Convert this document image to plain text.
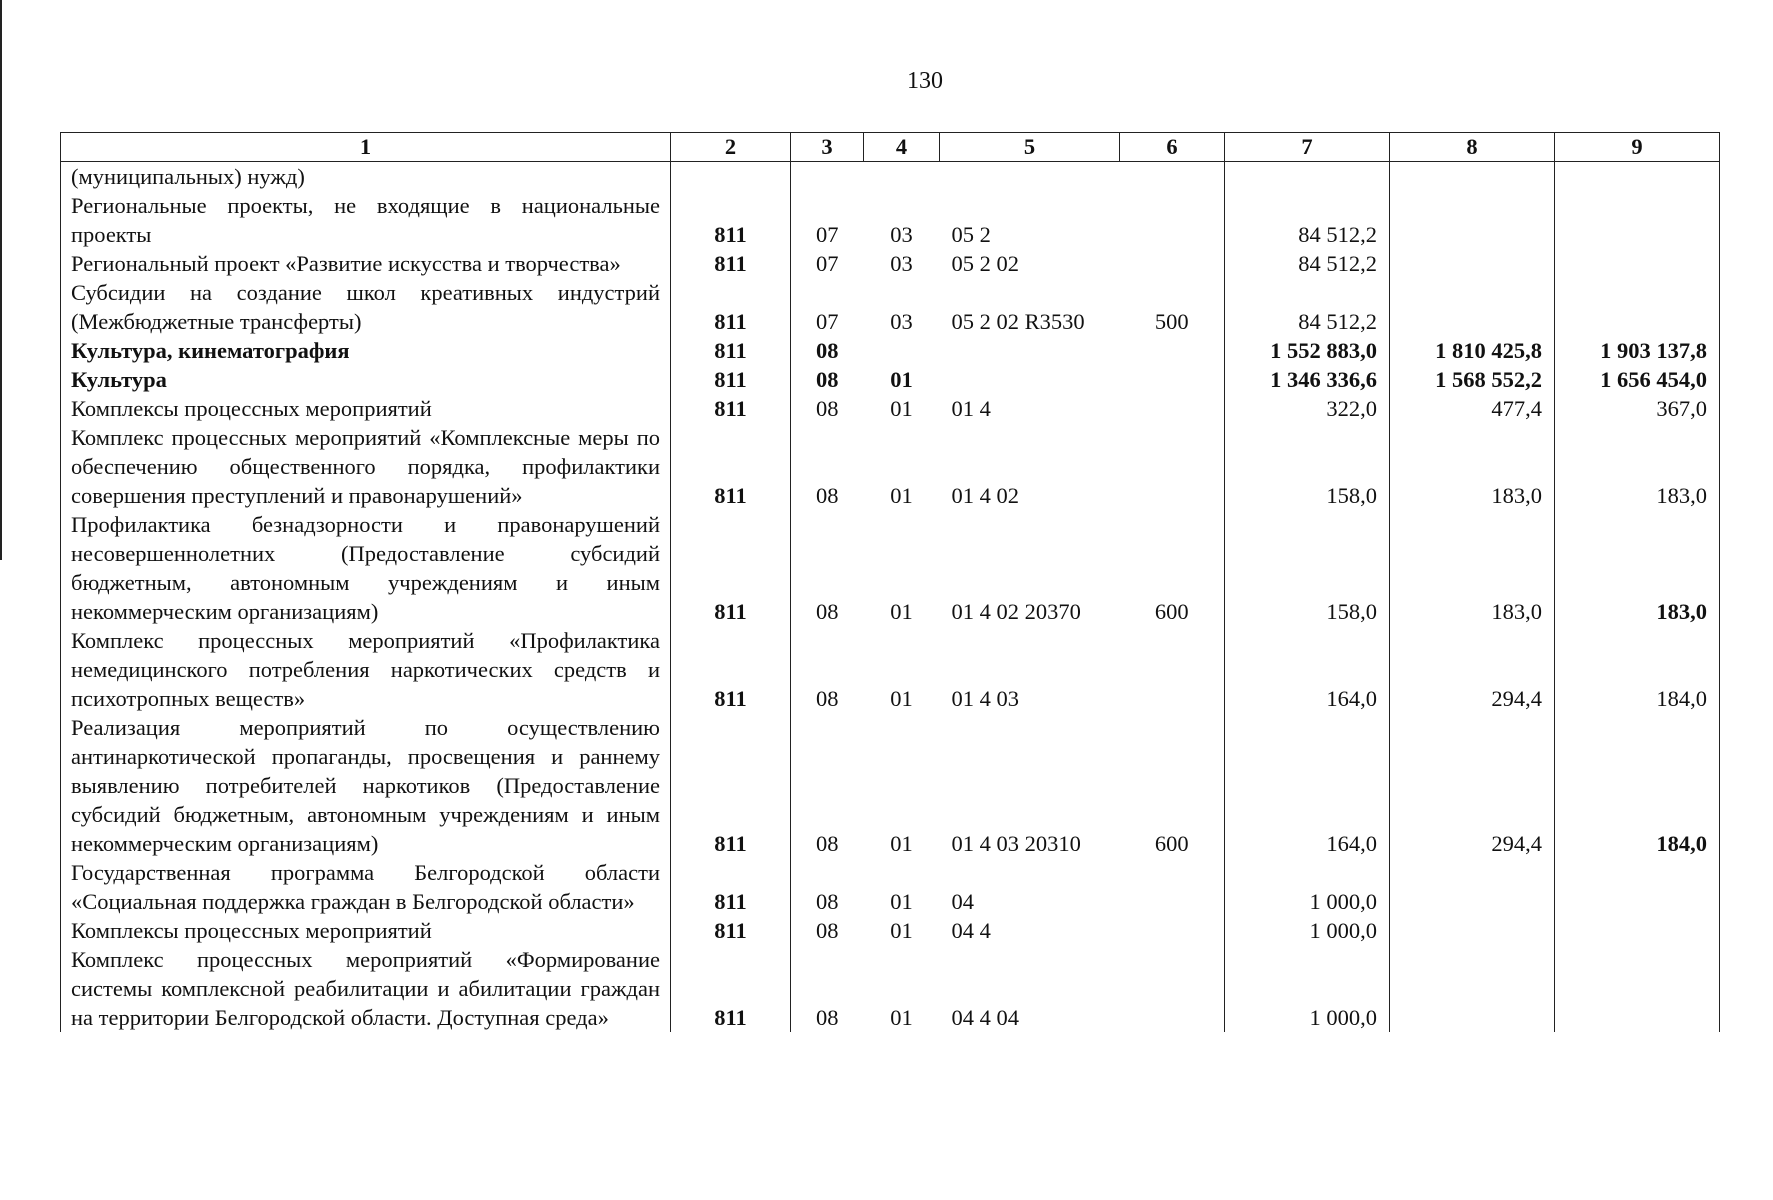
130
1	2	3	4	5	6	7	8	9
(муниципальных) нужд)								
Региональные проекты, не входящие в национальные проекты	811	07	03	05 2		84 512,2		
Региональный проект «Развитие искусства и творчества»	811	07	03	05 2 02		84 512,2		
Субсидии на создание школ креативных индустрий (Межбюджетные трансферты)	811	07	03	05 2 02 R3530	500	84 512,2		
Культура, кинематография	811	08				1 552 883,0	1 810 425,8	1 903 137,8
Культура	811	08	01			1 346 336,6	1 568 552,2	1 656 454,0
Комплексы процессных мероприятий	811	08	01	01 4		322,0	477,4	367,0
Комплекс процессных мероприятий «Комплексные меры по обеспечению общественного порядка, профилактики совершения преступлений и правонарушений»	811	08	01	01 4 02		158,0	183,0	183,0
Профилактика безнадзорности и правонарушений несовершеннолетних (Предоставление субсидий бюджетным, автономным учреждениям и иным некоммерческим организациям)	811	08	01	01 4 02 20370	600	158,0	183,0	183,0
Комплекс процессных мероприятий «Профилактика немедицинского потребления наркотических средств и психотропных веществ»	811	08	01	01 4 03		164,0	294,4	184,0
Реализация мероприятий по осуществлению антинаркотической пропаганды, просвещения и раннему выявлению потребителей наркотиков (Предоставление субсидий бюджетным, автономным учреждениям и иным некоммерческим организациям)	811	08	01	01 4 03 20310	600	164,0	294,4	184,0
Государственная программа Белгородской области «Социальная поддержка граждан в Белгородской области»	811	08	01	04		1 000,0		
Комплексы процессных мероприятий	811	08	01	04 4		1 000,0		
Комплекс процессных мероприятий «Формирование системы комплексной реабилитации и абилитации граждан на территории Белгородской области. Доступная среда»	811	08	01	04 4 04		1 000,0		
